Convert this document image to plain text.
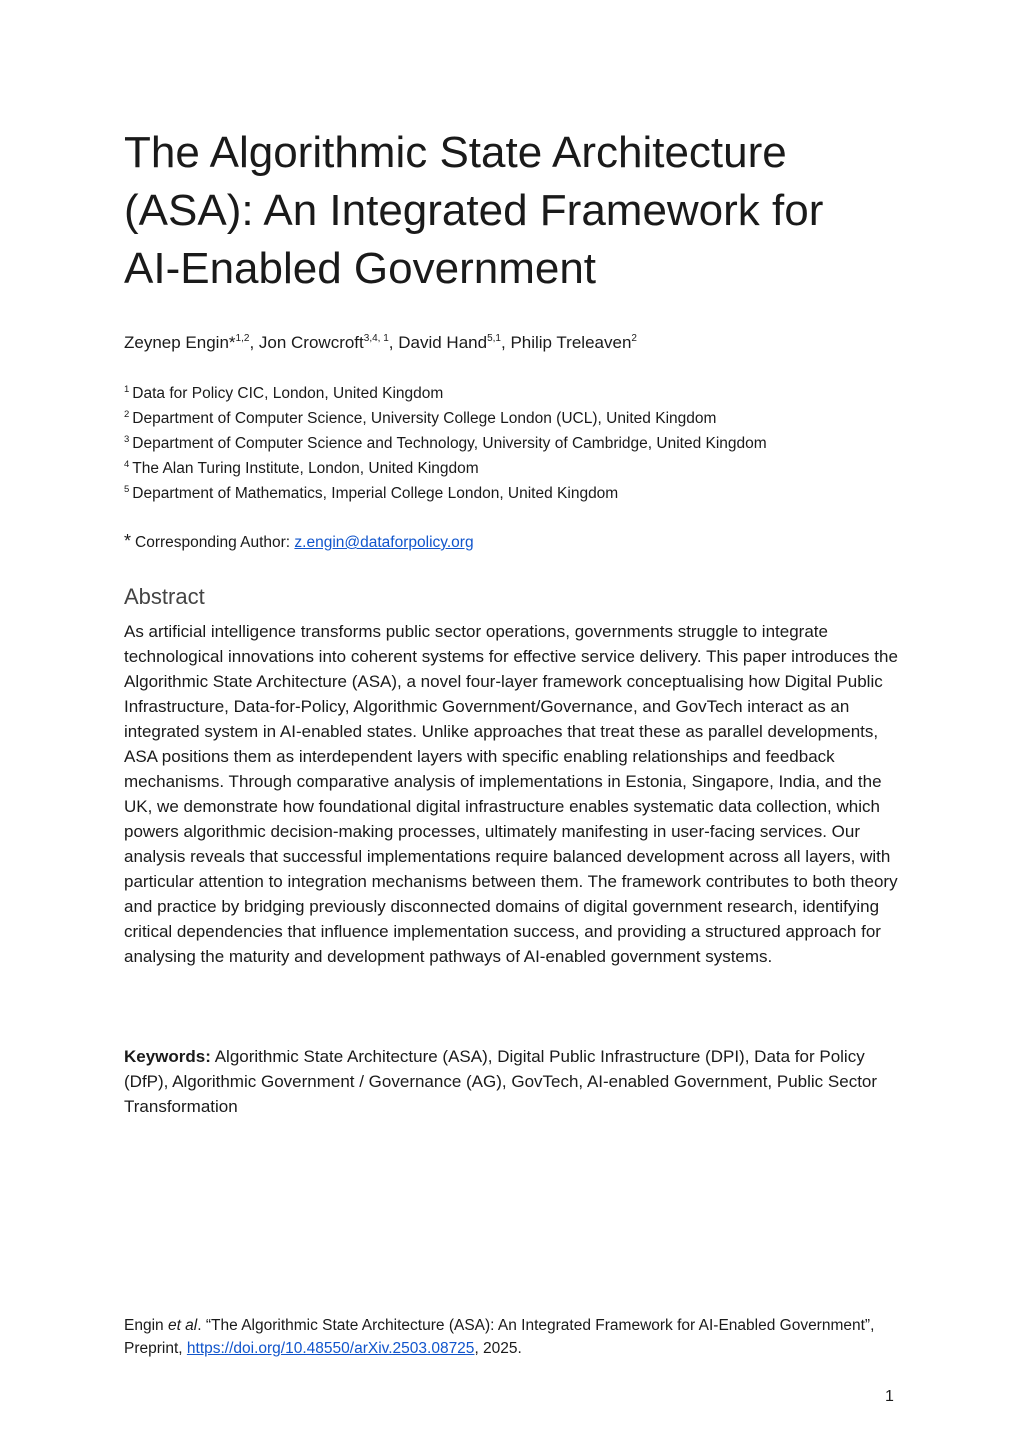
The Algorithmic State Architecture
(ASA): An Integrated Framework for
AI-Enabled Government
Zeynep Engin*$^{1,2}$, Jon Crowcroft$^{3,4, 1}$, David Hand$^{5,1}$, Philip Treleaven$^2$
$^1$ Data for Policy CIC, London, United Kingdom
$^2$ Department of Computer Science, University College London (UCL), United Kingdom
$^3$ Department of Computer Science and Technology, University of Cambridge, United Kingdom
$^4$ The Alan Turing Institute, London, United Kingdom
$^5$ Department of Mathematics, Imperial College London, United Kingdom
* Corresponding Author: z.engin@dataforpolicy.org
Abstract

As artificial intelligence transforms public sector operations, governments struggle to integrate technological innovations into coherent systems for effective service delivery. This paper introduces the Algorithmic State Architecture (ASA), a novel four-layer framework conceptualising how Digital Public Infrastructure, Data-for-Policy, Algorithmic Government/Governance, and GovTech interact as an integrated system in AI-enabled states. Unlike approaches that treat these as parallel developments, ASA positions them as interdependent layers with specific enabling relationships and feedback mechanisms. Through comparative analysis of implementations in Estonia, Singapore, India, and the UK, we demonstrate how foundational digital infrastructure enables systematic data collection, which powers algorithmic decision-making processes, ultimately manifesting in user-facing services. Our analysis reveals that successful implementations require balanced development across all layers, with particular attention to integration mechanisms between them. The framework contributes to both theory and practice by bridging previously disconnected domains of digital government research, identifying critical dependencies that influence implementation success, and providing a structured approach for analysing the maturity and development pathways of AI-enabled government systems.

Keywords: Algorithmic State Architecture (ASA), Digital Public Infrastructure (DPI), Data for Policy (DfP), Algorithmic Government / Governance (AG), GovTech, AI-enabled Government, Public Sector Transformation

Engin et al. “The Algorithmic State Architecture (ASA): An Integrated Framework for AI-Enabled Government”, Preprint, https://doi.org/10.48550/arXiv.2503.08725, 2025.

1
